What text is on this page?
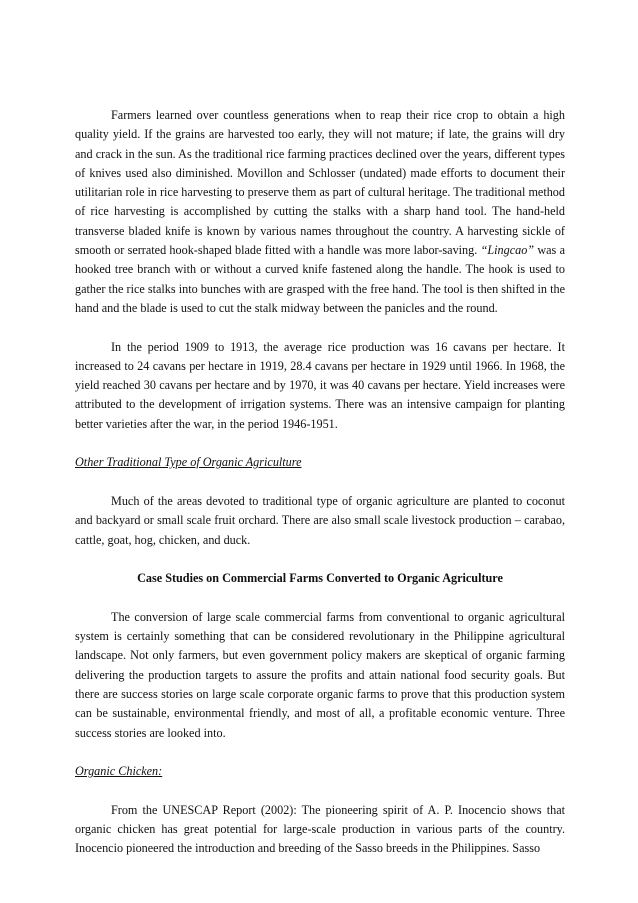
Farmers learned over countless generations when to reap their rice crop to obtain a high quality yield. If the grains are harvested too early, they will not mature; if late, the grains will dry and crack in the sun. As the traditional rice farming practices declined over the years, different types of knives used also diminished. Movillon and Schlosser (undated) made efforts to document their utilitarian role in rice harvesting to preserve them as part of cultural heritage. The traditional method of rice harvesting is accomplished by cutting the stalks with a sharp hand tool. The hand-held transverse bladed knife is known by various names throughout the country. A harvesting sickle of smooth or serrated hook-shaped blade fitted with a handle was more labor-saving. “Lingcao” was a hooked tree branch with or without a curved knife fastened along the handle. The hook is used to gather the rice stalks into bunches with are grasped with the free hand. The tool is then shifted in the hand and the blade is used to cut the stalk midway between the panicles and the round.

In the period 1909 to 1913, the average rice production was 16 cavans per hectare. It increased to 24 cavans per hectare in 1919, 28.4 cavans per hectare in 1929 until 1966. In 1968, the yield reached 30 cavans per hectare and by 1970, it was 40 cavans per hectare. Yield increases were attributed to the development of irrigation systems. There was an intensive campaign for planting better varieties after the war, in the period 1946-1951.

Other Traditional Type of Organic Agriculture

Much of the areas devoted to traditional type of organic agriculture are planted to coconut and backyard or small scale fruit orchard. There are also small scale livestock production – carabao, cattle, goat, hog, chicken, and duck.

Case Studies on Commercial Farms Converted to Organic Agriculture

The conversion of large scale commercial farms from conventional to organic agricultural system is certainly something that can be considered revolutionary in the Philippine agricultural landscape. Not only farmers, but even government policy makers are skeptical of organic farming delivering the production targets to assure the profits and attain national food security goals. But there are success stories on large scale corporate organic farms to prove that this production system can be sustainable, environmental friendly, and most of all, a profitable economic venture. Three success stories are looked into.

Organic Chicken:

From the UNESCAP Report (2002): The pioneering spirit of A. P. Inocencio shows that organic chicken has great potential for large-scale production in various parts of the country. Inocencio pioneered the introduction and breeding of the Sasso breeds in the Philippines. Sasso
